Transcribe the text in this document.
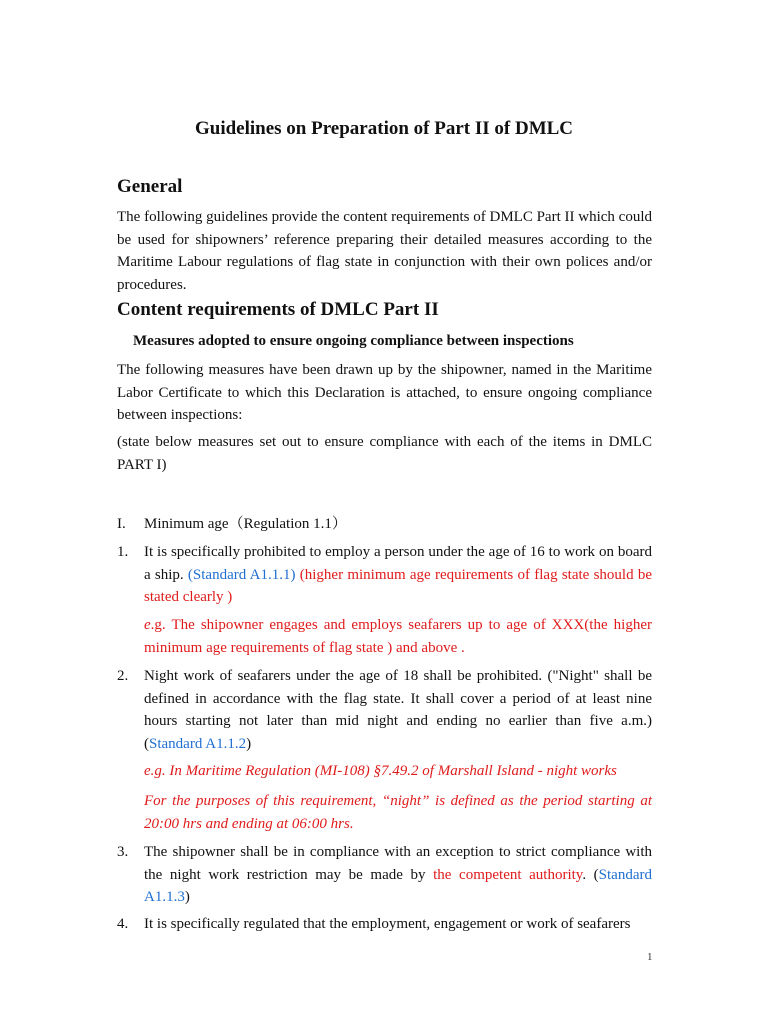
Guidelines on Preparation of Part II of DMLC
General
The following guidelines provide the content requirements of DMLC Part II which could be used for shipowners’ reference preparing their detailed measures according to the Maritime Labour regulations of flag state in conjunction with their own polices and/or procedures.
Content requirements of DMLC Part II
Measures adopted to ensure ongoing compliance between inspections
The following measures have been drawn up by the shipowner, named in the Maritime Labor Certificate to which this Declaration is attached, to ensure ongoing compliance between inspections:
(state below measures set out to ensure compliance with each of the items in DMLC PART I)
I. Minimum age（Regulation 1.1）
1. It is specifically prohibited to employ a person under the age of 16 to work on board a ship. (Standard A1.1.1) (higher minimum age requirements of flag state should be stated clearly )
e.g. The shipowner engages and employs seafarers up to age of XXX(the higher minimum age requirements of flag state ) and above .
2. Night work of seafarers under the age of 18 shall be prohibited. ("Night" shall be defined in accordance with the flag state. It shall cover a period of at least nine hours starting not later than mid night and ending no earlier than five a.m.) (Standard A1.1.2)
e.g. In Maritime Regulation (MI-108) §7.49.2 of Marshall Island - night works
For the purposes of this requirement, “night” is defined as the period starting at 20:00 hrs and ending at 06:00 hrs.
3. The shipowner shall be in compliance with an exception to strict compliance with the night work restriction may be made by the competent authority. (Standard A1.1.3)
4. It is specifically regulated that the employment, engagement or work of seafarers
1
